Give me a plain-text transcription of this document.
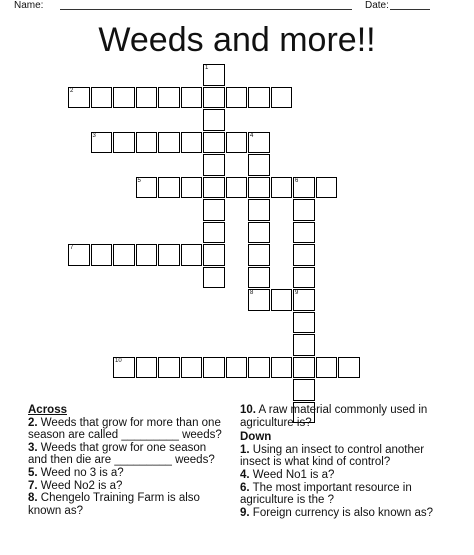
Name:	Date:
Weeds and more!!
1
2
3	4
8
5	6
7
9
10
Across
2. Weeds that grow for more than one season are called _________ weeds?
3. Weeds that grow for one season and then die are _________ weeds?
5. Weed no 3 is a?
7. Weed No2 is a?
8. Chengelo Training Farm is also known as?
10. A raw material commonly used in agriculture is?
Down
1. Using an insect to control another insect is what kind of control?
4. Weed No1 is a?
6. The most important resource in agriculture is the ?
9. Foreign currency is also known as?
